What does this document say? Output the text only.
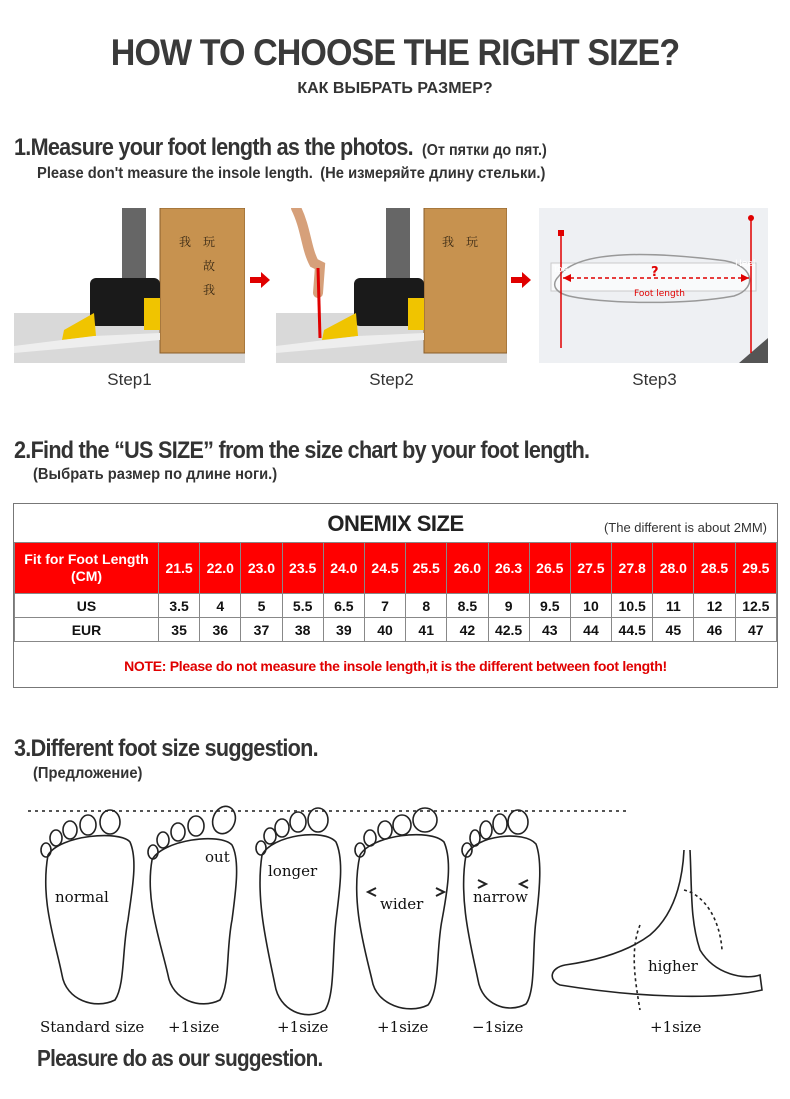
HOW TO CHOOSE THE RIGHT SIZE?
КАК ВЫБРАТЬ РАЗМЕР?
1.Measure your foot length as the photos. (От пятки до пят.)
Please don't measure the insole length. (Не измеряйте длину стельки.)
我 玩
故
我
我 玩
Toe
Heel
?
Foot length
Step1	Step2	Step3
2.Find the “US SIZE” from the size chart by your foot length.
(Выбрать размер по длине ноги.)
ONEMIX SIZE	(The different is about 2MM)
Fit for Foot Length
(CM)	21.5	22.0	23.0	23.5	24.0	24.5	25.5	26.0	26.3	26.5	27.5	27.8	28.0	28.5	29.5
US	3.5	4	5	5.5	6.5	7	8	8.5	9	9.5	10	10.5	11	12	12.5
EUR	35	36	37	38	39	40	41	42	42.5	43	44	44.5	45	46	47
NOTE: Please do not measure the insole length,it is the different between foot length!
3.Different foot size suggestion.
(Предложение)
normal
out
longer
wider	narrow
higher
Standard size +1size	+1size	+1size	−1size	+1size
Pleasure do as our suggestion.
